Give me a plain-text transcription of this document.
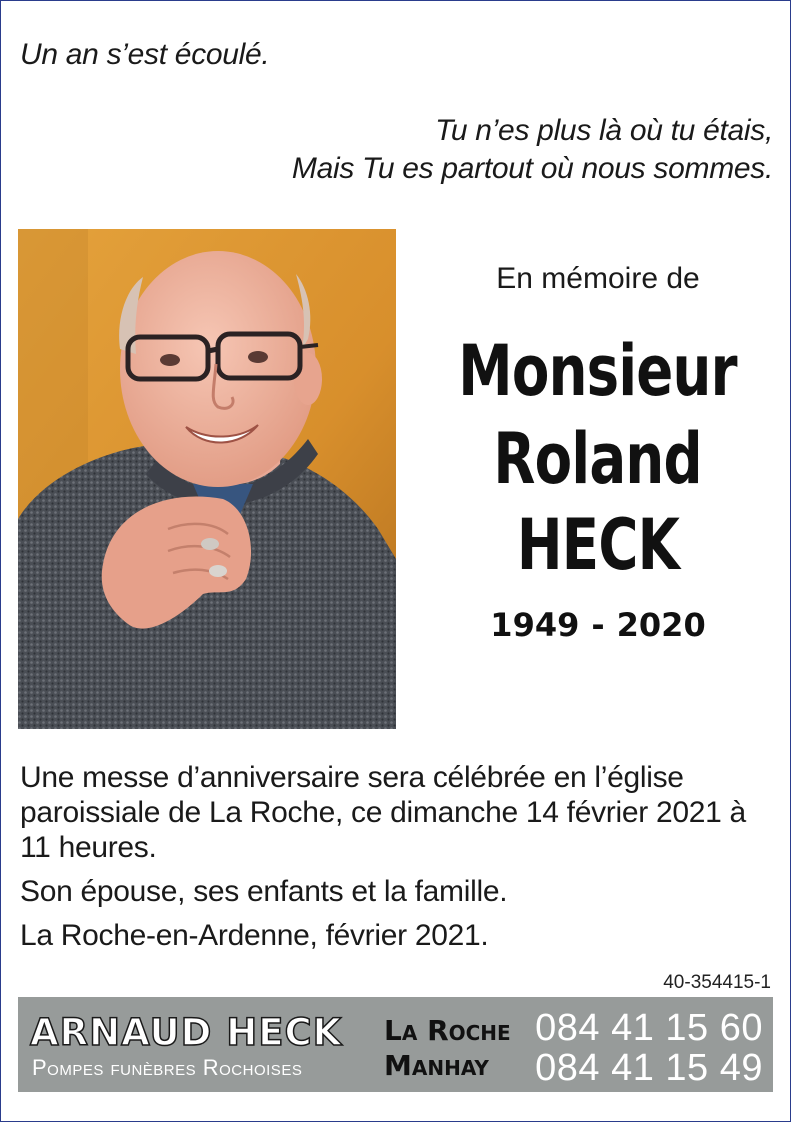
Un an s’est écoulé.
Tu n’es plus là où tu étais,
Mais Tu es partout où nous sommes.
En mémoire de
Monsieur
Roland
HECK
1949 - 2020

Une messe d’anniversaire sera célébrée en l’église paroissiale de La Roche, ce dimanche 14 février 2021 à 11 heures.

Son épouse, ses enfants et la famille.

La Roche-en-Ardenne, février 2021.

40-354415-1
ARNAUD HECK
Pompes funèbres Rochoises
La Roche
Manhay
084 41 15 60
084 41 15 49
